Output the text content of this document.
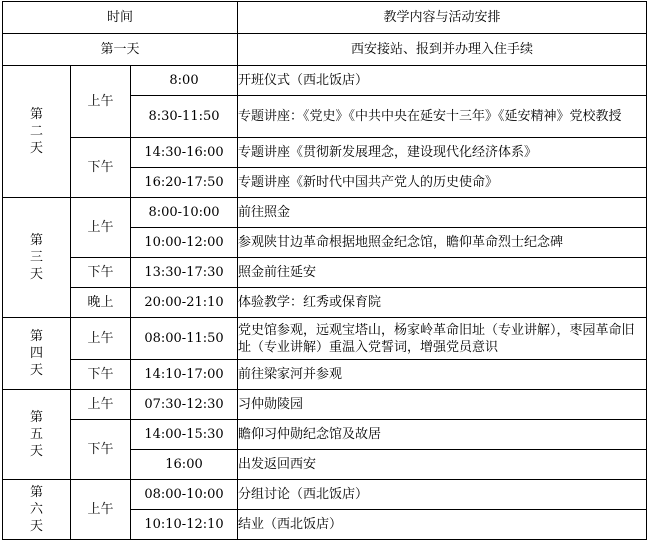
时间			教学内容与活动安排
第一天			西安接站、报到并办理入住手续

第二天	上午	8:00	开班仪式（西北饭店）
		8:30-11:50	专题讲座：《党史》《中共中央在延安十三年》《延安精神》党校教授
	下午	14:30-16:00	专题讲座《贯彻新发展理念，建设现代化经济体系》
		16:20-17:50	专题讲座《新时代中国共产党人的历史使命》

第三天	上午	8:00-10:00	前往照金
		10:00-12:00	参观陕甘边革命根据地照金纪念馆，瞻仰革命烈士纪念碑
	下午	13:30-17:30	照金前往延安
	晚上	20:00-21:10	体验教学：红秀或保育院

第四天	上午	08:00-11:50	党史馆参观，远观宝塔山，杨家岭革命旧址（专业讲解），枣园革命旧址（专业讲解）重温入党誓词，增强党员意识
	下午	14:10-17:00	前往梁家河并参观

第五天	上午	07:30-12:30	习仲勋陵园
	下午	14:00-15:30	瞻仰习仲勋纪念馆及故居
		16:00	出发返回西安

第六天	上午	08:00-10:00	分组讨论（西北饭店）
		10:10-12:10	结业（西北饭店）
